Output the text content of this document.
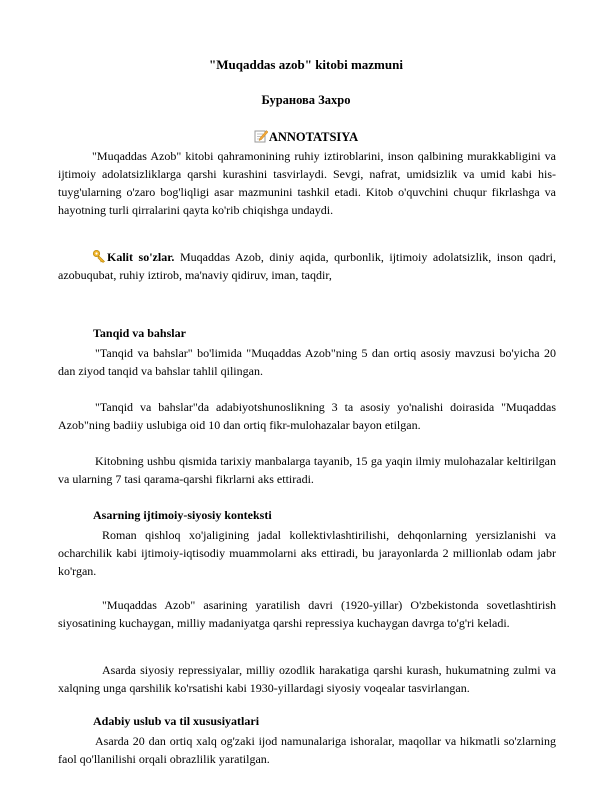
"Muqaddas azob" kitobi mazmuni
Буранова Захро
ANNOTATSIYA

"Muqaddas Azob" kitobi qahramonining ruhiy iztiroblarini, inson qalbining murakkabligini va ijtimoiy adolatsizliklarga qarshi kurashini tasvirlaydi. Sevgi, nafrat, umidsizlik va umid kabi his-tuyg'ularning o'zaro bog'liqligi asar mazmunini tashkil etadi. Kitob o'quvchini chuqur fikrlashga va hayotning turli qirralarini qayta ko'rib chiqishga undaydi.

Kalit so'zlar. Muqaddas Azob, diniy aqida, qurbonlik, ijtimoiy adolatsizlik, inson qadri, azobuqubat, ruhiy iztirob, ma'naviy qidiruv, iman, taqdir,

Tanqid va bahslar

"Tanqid va bahslar" bo'limida "Muqaddas Azob"ning 5 dan ortiq asosiy mavzusi bo'yicha 20 dan ziyod tanqid va bahslar tahlil qilingan.

"Tanqid va bahslar"da adabiyotshunoslikning 3 ta asosiy yo'nalishi doirasida "Muqaddas Azob"ning badiiy uslubiga oid 10 dan ortiq fikr-mulohazalar bayon etilgan.

Kitobning ushbu qismida tarixiy manbalarga tayanib, 15 ga yaqin ilmiy mulohazalar keltirilgan va ularning 7 tasi qarama-qarshi fikrlarni aks ettiradi.

Asarning ijtimoiy-siyosiy konteksti

Roman qishloq xo'jaligining jadal kollektivlashtirilishi, dehqonlarning yersizlanishi va ocharchilik kabi ijtimoiy-iqtisodiy muammolarni aks ettiradi, bu jarayonlarda 2 millionlab odam jabr ko'rgan.

"Muqaddas Azob" asarining yaratilish davri (1920-yillar) O'zbekistonda sovetlashtirish siyosatining kuchaygan, milliy madaniyatga qarshi repressiya kuchaygan davrga to'g'ri keladi.

Asarda siyosiy repressiyalar, milliy ozodlik harakatiga qarshi kurash, hukumatning zulmi va xalqning unga qarshilik ko'rsatishi kabi 1930-yillardagi siyosiy voqealar tasvirlangan.

Adabiy uslub va til xususiyatlari

Asarda 20 dan ortiq xalq og'zaki ijod namunalariga ishoralar, maqollar va hikmatli so'zlarning faol qo'llanilishi orqali obrazlilik yaratilgan.
